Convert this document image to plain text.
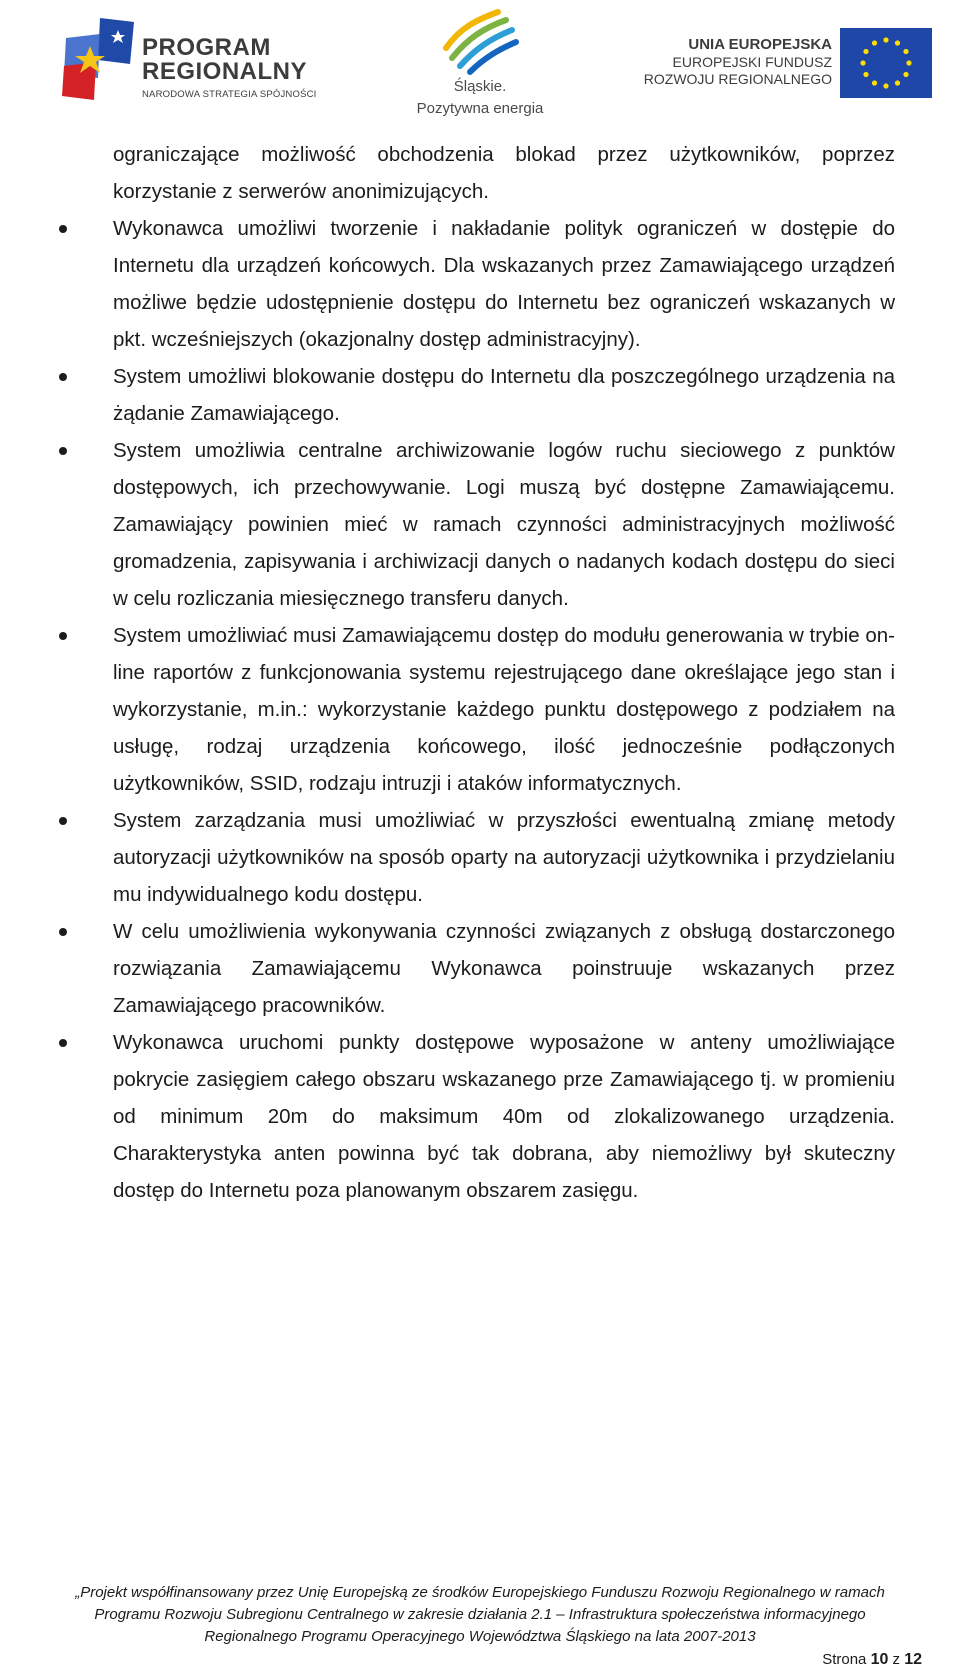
PROGRAM
REGIONALNY
NARODOWA STRATEGIA SPÓJNOŚCI	Śląskie.
Pozytywna energia
UNIA EUROPEJSKA
EUROPEJSKI FUNDUSZ
ROZWOJU REGIONALNEGO

ograniczające możliwość obchodzenia blokad przez użytkowników, poprzez korzystanie z serwerów anonimizujących.

Wykonawca umożliwi tworzenie i nakładanie polityk ograniczeń w dostępie do Internetu dla urządzeń końcowych. Dla wskazanych przez Zamawiającego urządzeń możliwe będzie udostępnienie dostępu do Internetu bez ograniczeń wskazanych w pkt. wcześniejszych (okazjonalny dostęp administracyjny).
System umożliwi blokowanie dostępu do Internetu dla poszczególnego urządzenia na żądanie Zamawiającego.
System umożliwia centralne archiwizowanie logów ruchu sieciowego z punktów dostępowych, ich przechowywanie. Logi muszą być dostępne Zamawiającemu. Zamawiający powinien mieć w ramach czynności administracyjnych możliwość gromadzenia, zapisywania i archiwizacji danych o nadanych kodach dostępu do sieci w celu rozliczania miesięcznego transferu danych.
System umożliwiać musi Zamawiającemu dostęp do modułu generowania w trybie on-line raportów z funkcjonowania systemu rejestrującego dane określające jego stan i wykorzystanie, m.in.: wykorzystanie każdego punktu dostępowego z podziałem na usługę, rodzaj urządzenia końcowego, ilość jednocześnie podłączonych użytkowników, SSID, rodzaju intruzji i ataków informatycznych.
System zarządzania musi umożliwiać w przyszłości ewentualną zmianę metody autoryzacji użytkowników na sposób oparty na autoryzacji użytkownika i przydzielaniu mu indywidualnego kodu dostępu.
W celu umożliwienia wykonywania czynności związanych z obsługą dostarczonego rozwiązania Zamawiającemu Wykonawca poinstruuje wskazanych przez Zamawiającego pracowników.
Wykonawca uruchomi punkty dostępowe wyposażone w anteny umożliwiające pokrycie zasięgiem całego obszaru wskazanego prze Zamawiającego tj. w promieniu od minimum 20m do maksimum 40m od zlokalizowanego urządzenia. Charakterystyka anten powinna być tak dobrana, aby niemożliwy był skuteczny dostęp do Internetu poza planowanym obszarem zasięgu.
„Projekt współfinansowany przez Unię Europejską ze środków Europejskiego Funduszu Rozwoju Regionalnego w ramach
Programu Rozwoju Subregionu Centralnego w zakresie działania 2.1 – Infrastruktura społeczeństwa informacyjnego
Regionalnego Programu Operacyjnego Województwa Śląskiego na lata 2007-2013
Strona 10 z 12
